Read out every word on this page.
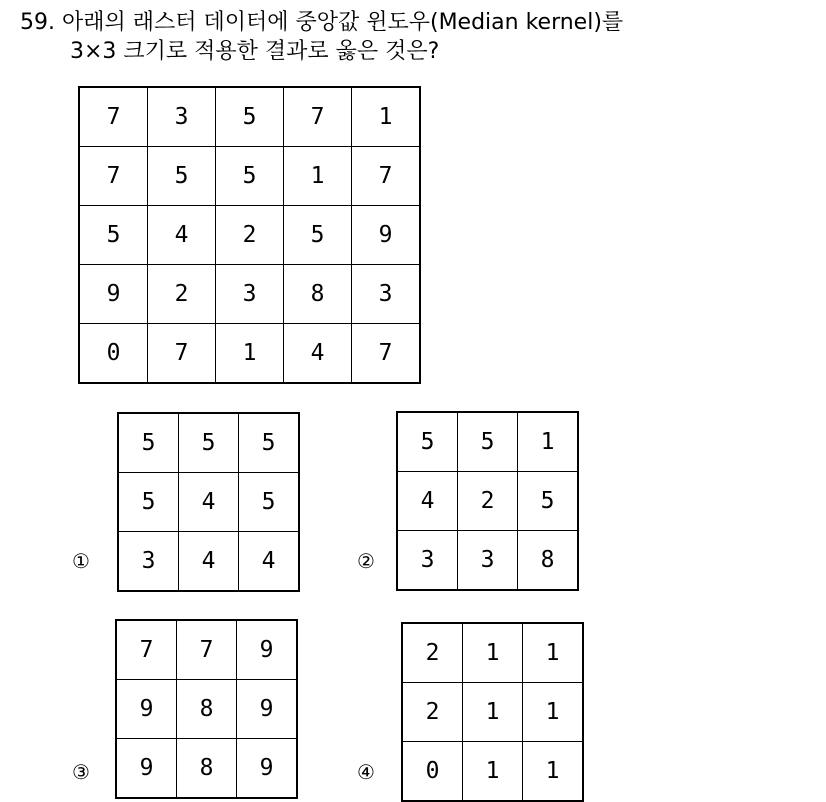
59. 아래의 래스터 데이터에 중앙값 윈도우(Median kernel)를
3×3 크기로 적용한 결과로 옳은 것은?
7	3	5	7	1
7	5	5	1	7
5	4	2	5	9
9	2	3	8	3
0	7	1	4	7
5	5	5
5	4	5
3	4	4
5	5	1
4	2	5
3	3	8
7	7	9
9	8	9
9	8	9
2	1	1
2	1	1
0	1	1
①	②
③	④
